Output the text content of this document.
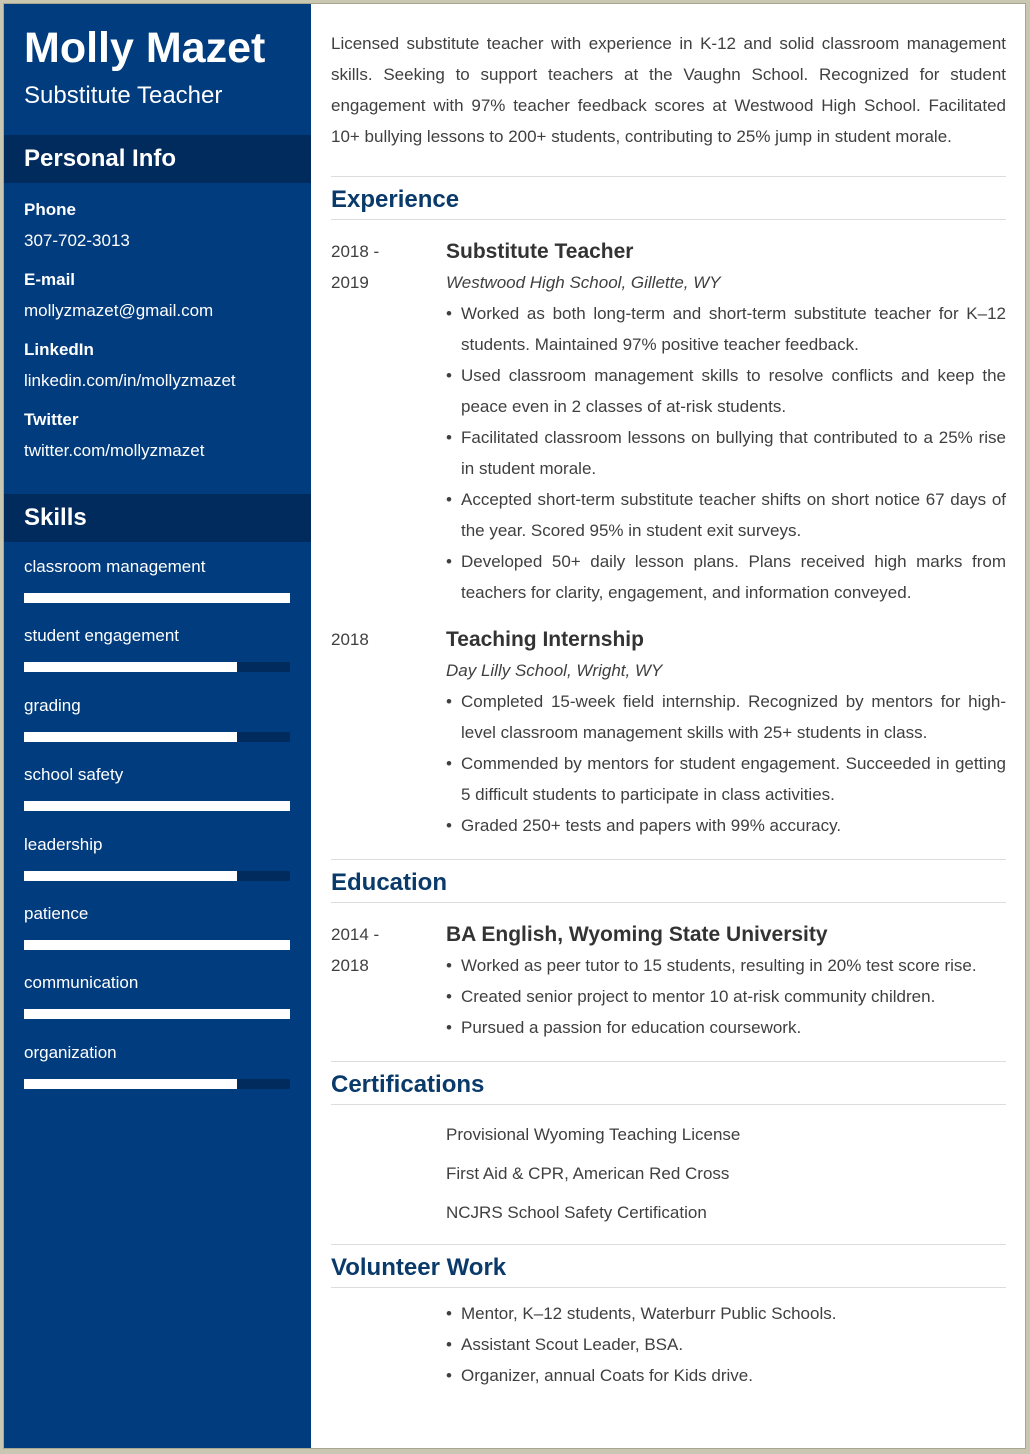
Molly Mazet
Substitute Teacher
Personal Info
Phone
307-702-3013
E-mail
mollyzmazet@gmail.com
LinkedIn
linkedin.com/in/mollyzmazet
Twitter
twitter.com/mollyzmazet
Skills
classroom management
student engagement
grading
school safety
leadership
patience
communication
organization

Licensed substitute teacher with experience in K-12 and solid classroom management skills. Seeking to support teachers at the Vaughn School. Recognized for student engagement with 97% teacher feedback scores at Westwood High School. Facilitated 10+ bullying lessons to 200+ students, contributing to 25% jump in student morale.

Experience
2018 -
2019
Substitute Teacher
Westwood High School, Gillette, WY
• Worked as both long-term and short-term substitute teacher for K–12 students. Maintained 97% positive teacher feedback.
• Used classroom management skills to resolve conflicts and keep the peace even in 2 classes of at-risk students.
• Facilitated classroom lessons on bullying that contributed to a 25% rise in student morale.
• Accepted short-term substitute teacher shifts on short notice 67 days of the year. Scored 95% in student exit surveys.
• Developed 50+ daily lesson plans. Plans received high marks from teachers for clarity, engagement, and information conveyed.
2018	Teaching Internship
Day Lilly School, Wright, WY
• Completed 15-week field internship. Recognized by mentors for high-level classroom management skills with 25+ students in class.
• Commended by mentors for student engagement. Succeeded in getting 5 difficult students to participate in class activities.
• Graded 250+ tests and papers with 99% accuracy.
Education
2014 -
2018
BA English, Wyoming State University
• Worked as peer tutor to 15 students, resulting in 20% test score rise.
• Created senior project to mentor 10 at-risk community children.
• Pursued a passion for education coursework.
Certifications
Provisional Wyoming Teaching License
First Aid & CPR, American Red Cross
NCJRS School Safety Certification
Volunteer Work
• Mentor, K–12 students, Waterburr Public Schools.
• Assistant Scout Leader, BSA.
• Organizer, annual Coats for Kids drive.
